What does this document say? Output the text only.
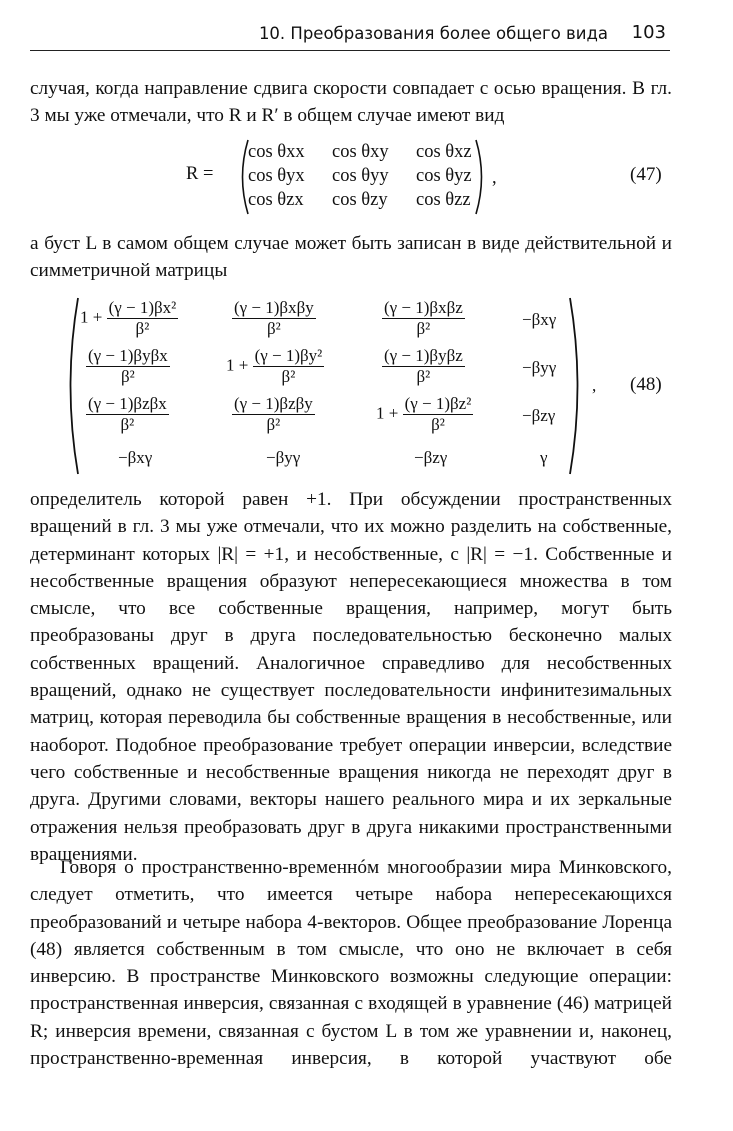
10. Преобразования более общего вида 103
случая, когда направление сдвига скорости совпадает с осью вращения. В гл. 3 мы уже отмечали, что R и R′ в общем случае имеют вид
R =
cos θxx	cos θxy	cos θxz
cos θyx	cos θyy	cos θyz
cos θzx	cos θzy	cos θzz
,	(47)
а буст L в самом общем случае может быть записан в виде действительной и симметричной матрицы
$1 + \frac{\text{(γ − 1)βx²}}{\text{β²}}$	$\frac{\text{(γ − 1)βxβy}}{\text{β²}}$	$\frac{\text{(γ − 1)βxβz}}{\text{β²}}$	−βxγ
$\frac{\text{(γ − 1)βyβx}}{\text{β²}}$	$1 + \frac{\text{(γ − 1)βy²}}{\text{β²}}$	$\frac{\text{(γ − 1)βyβz}}{\text{β²}}$	−βyγ
$\frac{\text{(γ − 1)βzβx}}{\text{β²}}$	$\frac{\text{(γ − 1)βzβy}}{\text{β²}}$	$1 + \frac{\text{(γ − 1)βz²}}{\text{β²}}$	−βzγ
−βxγ	−βyγ	−βzγ	γ
, (48)
определитель которой равен +1. При обсуждении пространственных вращений в гл. 3 мы уже отмечали, что их можно разделить на собственные, детерминант которых |R| = +1, и несобственные, с |R| = −1. Собственные и несобственные вращения образуют непересекающиеся множества в том смысле, что все собственные вращения, например, могут быть преобразованы друг в друга последовательностью бесконечно малых собственных вращений. Аналогичное справедливо для несобственных вращений, однако не существует последовательности инфинитезимальных матриц, которая переводила бы собственные вращения в несобственные, или наоборот. Подобное преобразование требует операции инверсии, вследствие чего собственные и несобственные вращения никогда не переходят друг в друга. Другими словами, векторы нашего реального мира и их зеркальные отражения нельзя преобразовать друг в друга никакими пространственными вращениями.
Говоря о пространственно-временнóм многообразии мира Минковского, следует отметить, что имеется четыре набора непересекающихся преобразований и четыре набора 4-векторов. Общее преобразование Лоренца (48) является собственным в том смысле, что оно не включает в себя инверсию. В пространстве Минковского возможны следующие операции: пространственная инверсия, связанная с входящей в уравнение (46) матрицей R; инверсия времени, связанная с бустом L в том же уравнении и, наконец, пространственно-временная инверсия, в которой участвуют обе
